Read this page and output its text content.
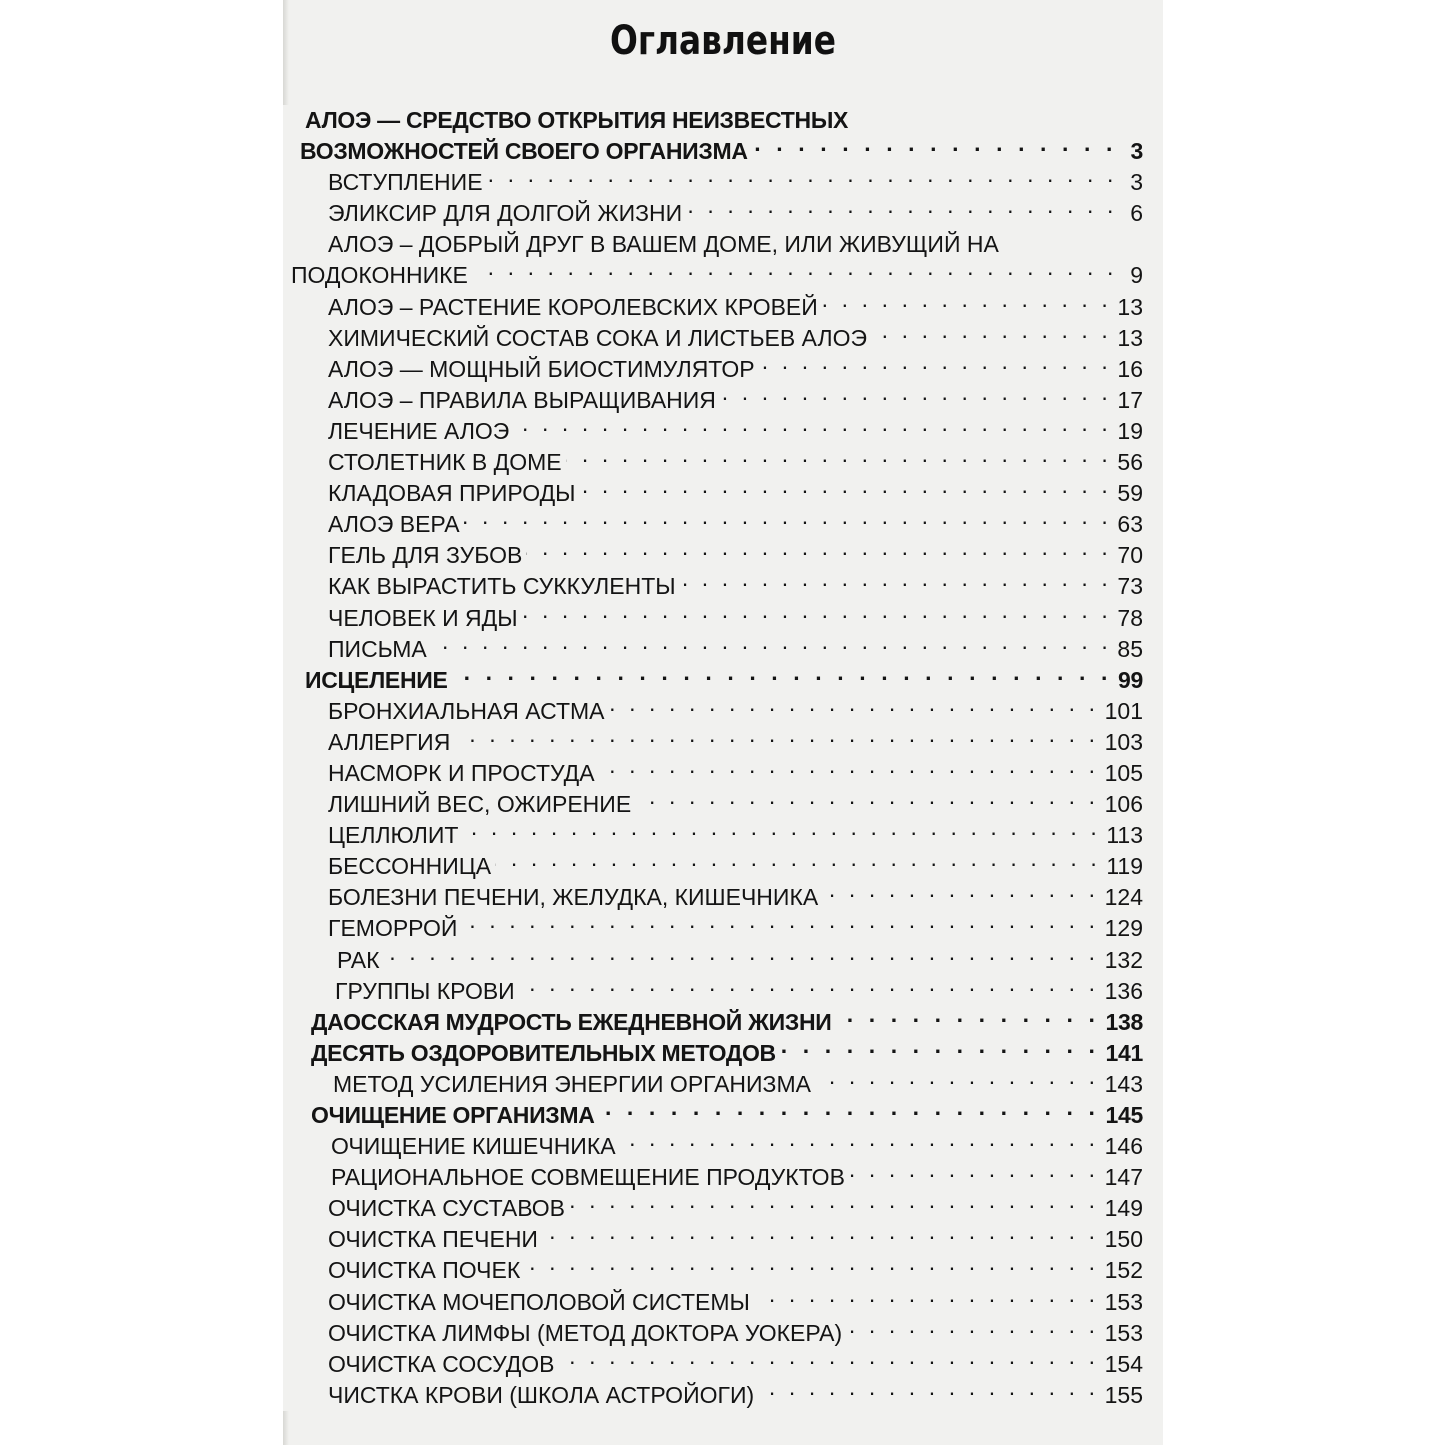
Оглавление
АЛОЭ — СРЕДСТВО ОТКРЫТИЯ НЕИЗВЕСТНЫХ
ВОЗМОЖНОСТЕЙ СВОЕГО ОРГАНИЗМА . . .	3
ВСТУПЛЕНИЕ . . .	3
ЭЛИКСИР ДЛЯ ДОЛГОЙ ЖИЗНИ . . .	6
АЛОЭ – ДОБРЫЙ ДРУГ В ВАШЕМ ДОМЕ, ИЛИ ЖИВУЩИЙ НА
ПОДОКОННИКЕ . . .	9
АЛОЭ – РАСТЕНИЕ КОРОЛЕВСКИХ КРОВЕЙ . . .	13
ХИМИЧЕСКИЙ СОСТАВ СОКА И ЛИСТЬЕВ АЛОЭ . . .	13
АЛОЭ — МОЩНЫЙ БИОСТИМУЛЯТОР . . .	16
АЛОЭ – ПРАВИЛА ВЫРАЩИВАНИЯ . . .	17
ЛЕЧЕНИЕ АЛОЭ . . .	19
СТОЛЕТНИК В ДОМЕ . . .	56
КЛАДОВАЯ ПРИРОДЫ . . .	59
АЛОЭ ВЕРА . . .	63
ГЕЛЬ ДЛЯ ЗУБОВ . . .	70
КАК ВЫРАСТИТЬ СУККУЛЕНТЫ . . .	73
ЧЕЛОВЕК И ЯДЫ . . .	78
ПИСЬМА . . .	85
ИСЦЕЛЕНИЕ . . .	99
БРОНХИАЛЬНАЯ АСТМА . . .	101
АЛЛЕРГИЯ . . .	103
НАСМОРК И ПРОСТУДА . . .	105
ЛИШНИЙ ВЕС, ОЖИРЕНИЕ . . .	106
ЦЕЛЛЮЛИТ . . .	113
БЕССОННИЦА . . .	119
БОЛЕЗНИ ПЕЧЕНИ, ЖЕЛУДКА, КИШЕЧНИКА . . .	124
ГЕМОРРОЙ . . .	129
РАК . . .	132
ГРУППЫ КРОВИ . . .	136
ДАОССКАЯ МУДРОСТЬ ЕЖЕДНЕВНОЙ ЖИЗНИ . . .	138
ДЕСЯТЬ ОЗДОРОВИТЕЛЬНЫХ МЕТОДОВ . . .	141
МЕТОД УСИЛЕНИЯ ЭНЕРГИИ ОРГАНИЗМА . . .	143
ОЧИЩЕНИЕ ОРГАНИЗМА . . .	145
ОЧИЩЕНИЕ КИШЕЧНИКА . . .	146
РАЦИОНАЛЬНОЕ СОВМЕЩЕНИЕ ПРОДУКТОВ . . .	147
ОЧИСТКА СУСТАВОВ . . .	149
ОЧИСТКА ПЕЧЕНИ . . .	150
ОЧИСТКА ПОЧЕК . . .	152
ОЧИСТКА МОЧЕПОЛОВОЙ СИСТЕМЫ . . .	153
ОЧИСТКА ЛИМФЫ (МЕТОД ДОКТОРА УОКЕРА) . . .	153
ОЧИСТКА СОСУДОВ . . .	154
ЧИСТКА КРОВИ (ШКОЛА АСТРОЙОГИ) . . .	155
